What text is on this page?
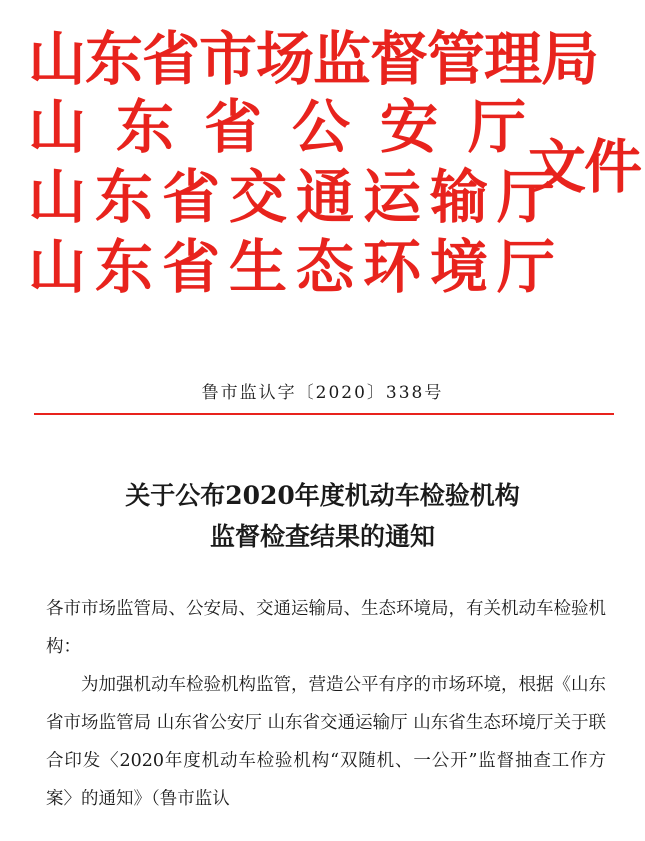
山东省市场监督管理局
山东省公安厅
山东省交通运输厅
山东省生态环境厅
文件
鲁市监认字〔2020〕338号
关于公布2020年度机动车检验机构
监督检查结果的通知

各市市场监管局、公安局、交通运输局、生态环境局，有关机动车检验机构：

为加强机动车检验机构监管，营造公平有序的市场环境，根据《山东省市场监管局 山东省公安厅 山东省交通运输厅 山东省生态环境厅关于联合印发〈2020年度机动车检验机构“双随机、一公开”监督抽查工作方案〉的通知》（鲁市监认
